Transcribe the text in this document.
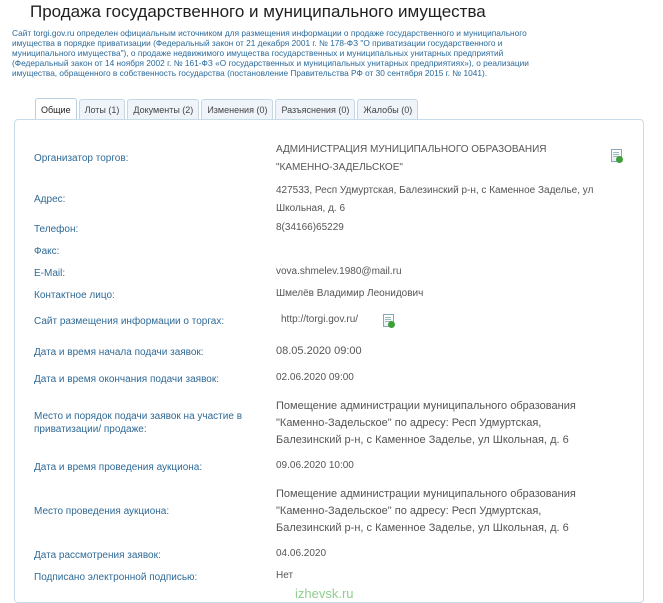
Продажа государственного и муниципального имущества
Сайт torgi.gov.ru определен официальным источником для размещения информации о продаже государственного и муниципального
имущества в порядке приватизации (Федеральный закон от 21 декабря 2001 г. № 178-ФЗ "О приватизации государственного и
муниципального имущества"), о продаже недвижимого имущества государственных и муниципальных унитарных предприятий
(Федеральный закон от 14 ноября 2002 г. № 161-ФЗ «О государственных и муниципальных унитарных предприятиях»), о реализации
имущества, обращенного в собственность государства (постановление Правительства РФ от 30 сентября 2015 г. № 1041).
Общие	Лоты (1)	Документы (2)	Изменения (0)	Разъяснения (0)	Жалобы (0)
Организатор торгов:
АДМИНИСТРАЦИЯ МУНИЦИПАЛЬНОГО ОБРАЗОВАНИЯ
"КАМЕННО-ЗАДЕЛЬСКОЕ"
Адрес:
427533, Респ Удмуртская, Балезинский р-н, с Каменное Заделье, ул
Школьная, д. 6
Телефон:	8(34166)65229
Факс:
E-Mail:	vova.shmelev.1980@mail.ru
Контактное лицо:	Шмелёв Владимир Леонидович
Сайт размещения информации о торгах:	http://torgi.gov.ru/
Дата и время начала подачи заявок:	08.05.2020 09:00
Дата и время окончания подачи заявок:	02.06.2020 09:00
Место и порядок подачи заявок на участие в
приватизации/ продаже:
Помещение администрации муниципального образования
"Каменно-Задельское" по адресу: Респ Удмуртская,
Балезинский р-н, с Каменное Заделье, ул Школьная, д. 6
Дата и время проведения аукциона:	09.06.2020 10:00
Место проведения аукциона:
Помещение администрации муниципального образования
"Каменно-Задельское" по адресу: Респ Удмуртская,
Балезинский р-н, с Каменное Заделье, ул Школьная, д. 6
Дата рассмотрения заявок:	04.06.2020
Подписано электронной подписью:	Нет
izhevsk.ru
